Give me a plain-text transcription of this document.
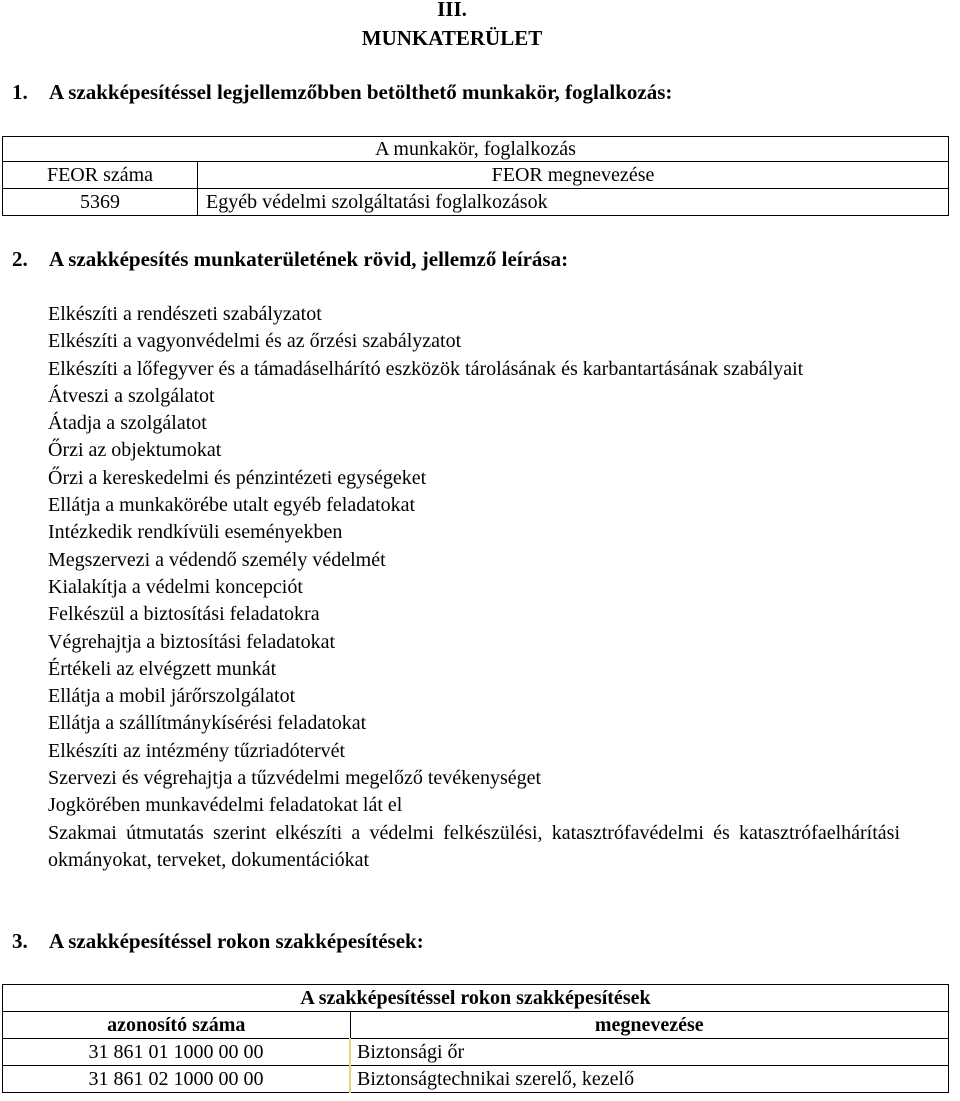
III.
MUNKATERÜLET
1. A szakképesítéssel legjellemzőbben betölthető munkakör, foglalkozás:
A munkakör, foglalkozás	
FEOR száma	FEOR megnevezése
5369	Egyéb védelmi szolgáltatási foglalkozások
2. A szakképesítés munkaterületének rövid, jellemző leírása:
Elkészíti a rendészeti szabályzatot
Elkészíti a vagyonvédelmi és az őrzési szabályzatot
Elkészíti a lőfegyver és a támadáselhárító eszközök tárolásának és karbantartásának szabályait
Átveszi a szolgálatot
Átadja a szolgálatot
Őrzi az objektumokat
Őrzi a kereskedelmi és pénzintézeti egységeket
Ellátja a munkakörébe utalt egyéb feladatokat
Intézkedik rendkívüli eseményekben
Megszervezi a védendő személy védelmét
Kialakítja a védelmi koncepciót
Felkészül a biztosítási feladatokra
Végrehajtja a biztosítási feladatokat
Értékeli az elvégzett munkát
Ellátja a mobil járőrszolgálatot
Ellátja a szállítmánykísérési feladatokat
Elkészíti az intézmény tűzriadótervét
Szervezi és végrehajtja a tűzvédelmi megelőző tevékenységet
Jogkörében munkavédelmi feladatokat lát el
Szakmai útmutatás szerint elkészíti a védelmi felkészülési, katasztrófavédelmi és katasztrófaelhárítási okmányokat, terveket, dokumentációkat
3. A szakképesítéssel rokon szakképesítések:
A szakképesítéssel rokon szakképesítések	
azonosító száma	megnevezése
31 861 01 1000 00 00	Biztonsági őr
31 861 02 1000 00 00	Biztonságtechnikai szerelő, kezelő
